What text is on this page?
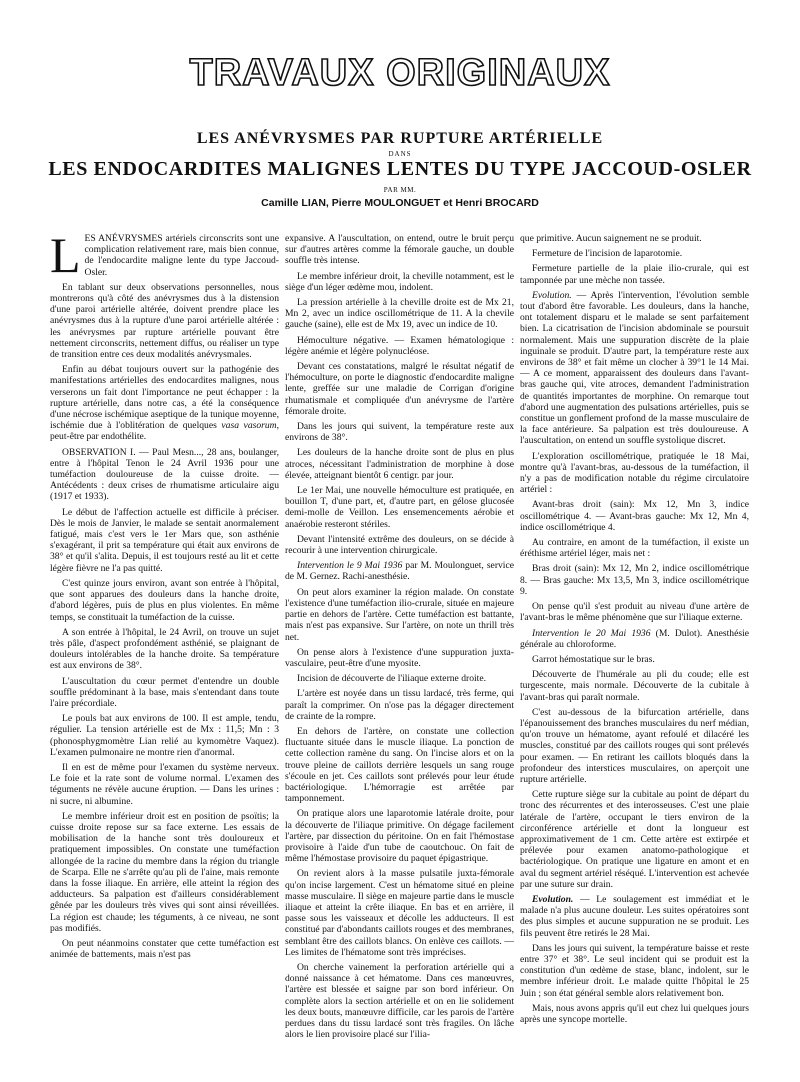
TRAVAUX ORIGINAUX
LES ANÉVRYSMES PAR RUPTURE ARTÉRIELLE
DANS
LES ENDOCARDITES MALIGNES LENTES DU TYPE JACCOUD-OSLER
PAR MM.
Camille LIAN, Pierre MOULONGUET et Henri BROCARD

LES ANÉVRYSMES artériels circonscrits sont une complication relativement rare, mais bien connue, de l'endocardite maligne lente du type Jaccoud-Osler.

En tablant sur deux observations personnelles, nous montrerons qu'à côté des anévrysmes dus à la distension d'une paroi artérielle altérée, doivent prendre place les anévrysmes dus à la rupture d'une paroi artérielle altérée : les anévrysmes par rupture artérielle pouvant être nettement circonscrits, nettement diffus, ou réaliser un type de transition entre ces deux modalités anévrysmales.

Enfin au débat toujours ouvert sur la pathogénie des manifestations artérielles des endocardites malignes, nous verserons un fait dont l'importance ne peut échapper : la rupture artérielle, dans notre cas, a été la conséquence d'une nécrose ischémique aseptique de la tunique moyenne, ischémie due à l'oblitération de quelques vasa vasorum, peut-être par endothélite.

OBSERVATION I. — Paul Mesn..., 28 ans, boulanger, entre à l'hôpital Tenon le 24 Avril 1936 pour une tuméfaction douloureuse de la cuisse droite. — Antécédents : deux crises de rhumatisme articulaire aigu (1917 et 1933).

Le début de l'affection actuelle est difficile à préciser. Dès le mois de Janvier, le malade se sentait anormalement fatigué, mais c'est vers le 1er Mars que, son asthénie s'exagérant, il prit sa température qui était aux environs de 38° et qu'il s'alita. Depuis, il est toujours resté au lit et cette légère fièvre ne l'a pas quitté.

C'est quinze jours environ, avant son entrée à l'hôpital, que sont apparues des douleurs dans la hanche droite, d'abord légères, puis de plus en plus violentes. En même temps, se constituait la tuméfaction de la cuisse.

A son entrée à l'hôpital, le 24 Avril, on trouve un sujet très pâle, d'aspect profondément asthénié, se plaignant de douleurs intolérables de la hanche droite. Sa température est aux environs de 38°.

L'auscultation du cœur permet d'entendre un double souffle prédominant à la base, mais s'entendant dans toute l'aire précordiale.

Le pouls bat aux environs de 100. Il est ample, tendu, régulier. La tension artérielle est de Mx : 11,5; Mn : 3 (phonosphygmomètre Lian relié au kymomètre Vaquez). L'examen pulmonaire ne montre rien d'anormal.

Il en est de même pour l'examen du système nerveux. Le foie et la rate sont de volume normal. L'examen des téguments ne révèle aucune éruption. — Dans les urines : ni sucre, ni albumine.

Le membre inférieur droit est en position de psoïtis; la cuisse droite repose sur sa face externe. Les essais de mobilisation de la hanche sont très douloureux et pratiquement impossibles. On constate une tuméfaction allongée de la racine du membre dans la région du triangle de Scarpa. Elle ne s'arrête qu'au pli de l'aine, mais remonte dans la fosse iliaque. En arrière, elle atteint la région des adducteurs. Sa palpation est d'ailleurs considérablement gênée par les douleurs très vives qui sont ainsi réveillées. La région est chaude; les téguments, à ce niveau, ne sont pas modifiés.

On peut néanmoins constater que cette tuméfaction est animée de battements, mais n'est pas

expansive. A l'auscultation, on entend, outre le bruit perçu sur d'autres artères comme la fémorale gauche, un double souffle très intense.

Le membre inférieur droit, la cheville notamment, est le siège d'un léger œdème mou, indolent.

La pression artérielle à la cheville droite est de Mx 21, Mn 2, avec un indice oscillométrique de 11. A la chevile gauche (saine), elle est de Mx 19, avec un indice de 10.

Hémoculture négative. — Examen hématologique : légère anémie et légère polynucléose.

Devant ces constatations, malgré le résultat négatif de l'hémoculture, on porte le diagnostic d'endocardite maligne lente, greffée sur une maladie de Corrigan d'origine rhumatismale et compliquée d'un anévrysme de l'artère fémorale droite.

Dans les jours qui suivent, la température reste aux environs de 38°.

Les douleurs de la hanche droite sont de plus en plus atroces, nécessitant l'administration de morphine à dose élevée, atteignant bientôt 6 centigr. par jour.

Le 1er Mai, une nouvelle hémoculture est pratiquée, en bouillon T, d'une part, et, d'autre part, en gélose glucosée demi-molle de Veillon. Les ensemencements aérobie et anaérobie resteront stériles.

Devant l'intensité extrême des douleurs, on se décide à recourir à une intervention chirurgicale.

Intervention le 9 Mai 1936 par M. Moulonguet, service de M. Gernez. Rachi-anesthésie.

On peut alors examiner la région malade. On constate l'existence d'une tuméfaction ilio-crurale, située en majeure partie en dehors de l'artère. Cette tuméfaction est battante, mais n'est pas expansive. Sur l'artère, on note un thrill très net.

On pense alors à l'existence d'une suppuration juxta-vasculaire, peut-être d'une myosite.

Incision de découverte de l'iliaque externe droite.

L'artère est noyée dans un tissu lardacé, très ferme, qui paraît la comprimer. On n'ose pas la dégager directement de crainte de la rompre.

En dehors de l'artère, on constate une collection fluctuante située dans le muscle iliaque. La ponction de cette collection ramène du sang. On l'incise alors et on la trouve pleine de caillots derrière lesquels un sang rouge s'écoule en jet. Ces caillots sont prélevés pour leur étude bactériologique. L'hémorragie est arrêtée par tamponnement.

On pratique alors une laparotomie latérale droite, pour la découverte de l'iliaque primitive. On dégage facilement l'artère, par dissection du péritoine. On en fait l'hémostase provisoire à l'aide d'un tube de caoutchouc. On fait de même l'hémostase provisoire du paquet épigastrique.

On revient alors à la masse pulsatile juxta-fémorale qu'on incise largement. C'est un hématome situé en pleine masse musculaire. Il siège en majeure partie dans le muscle iliaque et atteint la crête iliaque. En bas et en arrière, il passe sous les vaisseaux et décolle les adducteurs. Il est constitué par d'abondants caillots rouges et des membranes, semblant être des caillots blancs. On enlève ces caillots. — Les limites de l'hématome sont très imprécises.

On cherche vainement la perforation artérielle qui a donné naissance à cet hématome. Dans ces manœuvres, l'artère est blessée et saigne par son bord inférieur. On complète alors la section artérielle et on en lie solidement les deux bouts, manœuvre difficile, car les parois de l'artère perdues dans du tissu lardacé sont très fragiles. On lâche alors le lien provisoire placé sur l'ilia-

que primitive. Aucun saignement ne se produit.

Fermeture de l'incision de laparotomie.

Fermeture partielle de la plaie ilio-crurale, qui est tamponnée par une mèche non tassée.

Evolution. — Après l'intervention, l'évolution semble tout d'abord être favorable. Les douleurs, dans la hanche, ont totalement disparu et le malade se sent parfaitement bien. La cicatrisation de l'incision abdominale se poursuit normalement. Mais une suppuration discrète de la plaie inguinale se produit. D'autre part, la température reste aux environs de 38° et fait même un clocher à 39°1 le 14 Mai. — A ce moment, apparaissent des douleurs dans l'avant-bras gauche qui, vite atroces, demandent l'administration de quantités importantes de morphine. On remarque tout d'abord une augmentation des pulsations artérielles, puis se constitue un gonflement profond de la masse musculaire de la face antérieure. Sa palpation est très douloureuse. A l'auscultation, on entend un souffle systolique discret.

L'exploration oscillométrique, pratiquée le 18 Mai, montre qu'à l'avant-bras, au-dessous de la tuméfaction, il n'y a pas de modification notable du régime circulatoire artériel :

Avant-bras droit (sain): Mx 12, Mn 3, indice oscillométrique 4. — Avant-bras gauche: Mx 12, Mn 4, indice oscillométrique 4.

Au contraire, en amont de la tuméfaction, il existe un éréthisme artériel léger, mais net :

Bras droit (sain): Mx 12, Mn 2, indice oscillométrique 8. — Bras gauche: Mx 13,5, Mn 3, indice oscillométrique 9.

On pense qu'il s'est produit au niveau d'une artère de l'avant-bras le même phénomène que sur l'iliaque externe.

Intervention le 20 Mai 1936 (M. Dulot). Anesthésie générale au chloroforme.

Garrot hémostatique sur le bras.

Découverte de l'humérale au pli du coude; elle est turgescente, mais normale. Découverte de la cubitale à l'avant-bras qui paraît normale.

C'est au-dessous de la bifurcation artérielle, dans l'épanouissement des branches musculaires du nerf médian, qu'on trouve un hématome, ayant refoulé et dilacéré les muscles, constitué par des caillots rouges qui sont prélevés pour examen. — En retirant les caillots bloqués dans la profondeur des interstices musculaires, on aperçoit une rupture artérielle.

Cette rupture siège sur la cubitale au point de départ du tronc des récurrentes et des interosseuses. C'est une plaie latérale de l'artère, occupant le tiers environ de la circonférence artérielle et dont la longueur est approximativement de 1 cm. Cette artère est extirpée et prélevée pour examen anatomo-pathologique et bactériologique. On pratique une ligature en amont et en aval du segment artériel réséqué. L'intervention est achevée par une suture sur drain.

Evolution. — Le soulagement est immédiat et le malade n'a plus aucune douleur. Les suites opératoires sont des plus simples et aucune suppuration ne se produit. Les fils peuvent être retirés le 28 Mai.

Dans les jours qui suivent, la température baisse et reste entre 37° et 38°. Le seul incident qui se produit est la constitution d'un œdème de stase, blanc, indolent, sur le membre inférieur droit. Le malade quitte l'hôpital le 25 Juin ; son état général semble alors relativement bon.

Mais, nous avons appris qu'il eut chez lui quelques jours après une syncope mortelle.
